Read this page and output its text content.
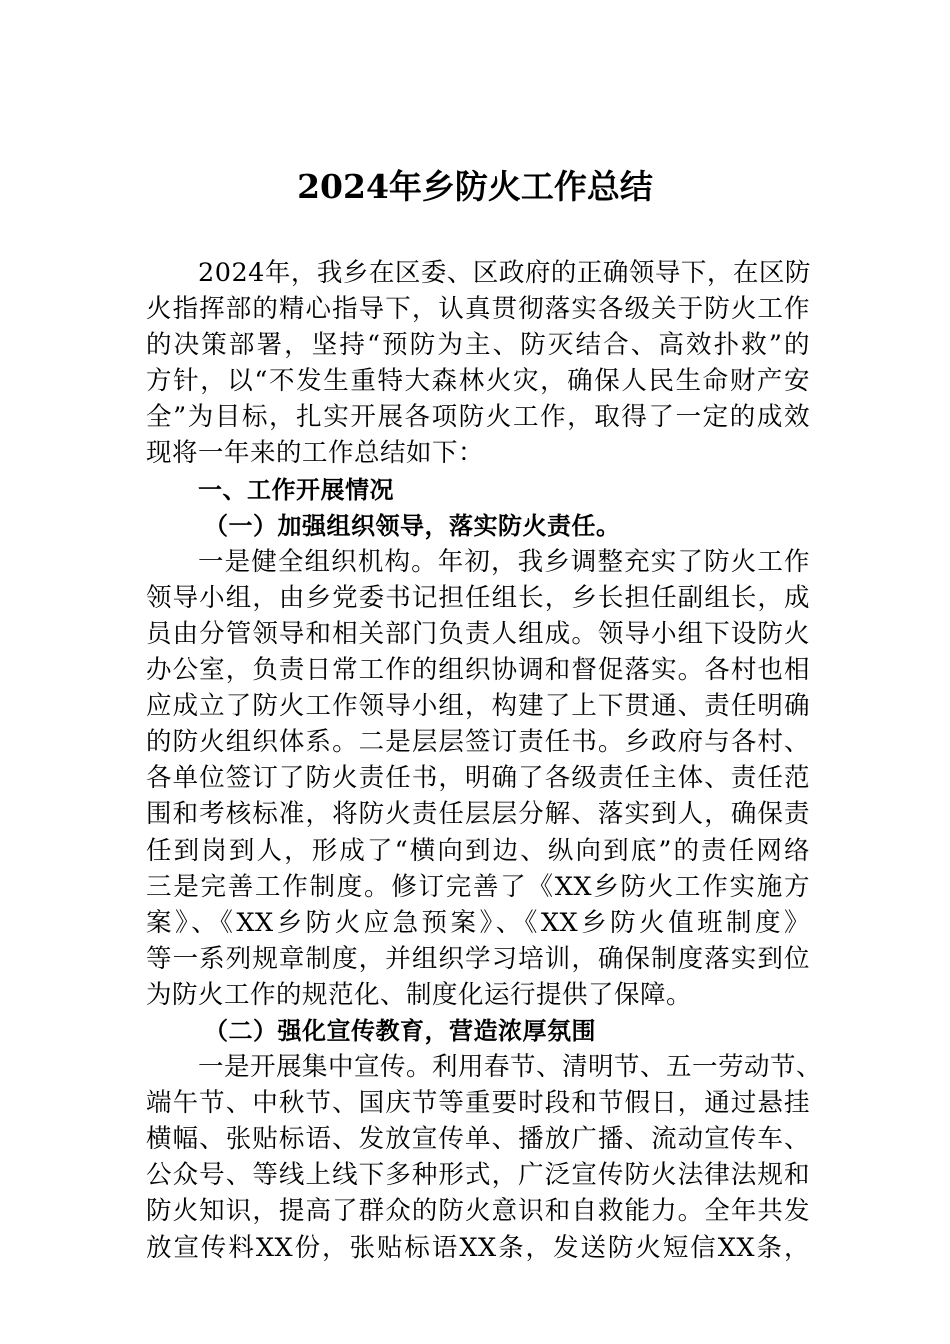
2024年乡防火工作总结
2024年，我乡在区委、区政府的正确领导下，在区防
火指挥部的精心指导下，认真贯彻落实各级关于防火工作
的决策部署，坚持“预防为主、防灭结合、高效扑救”的
方针，以“不发生重特大森林火灾，确保人民生命财产安
全”为目标，扎实开展各项防火工作，取得了一定的成效
现将一年来的工作总结如下：
一、工作开展情况
（一）加强组织领导，落实防火责任。
一是健全组织机构。年初，我乡调整充实了防火工作
领导小组，由乡党委书记担任组长，乡长担任副组长，成
员由分管领导和相关部门负责人组成。领导小组下设防火
办公室，负责日常工作的组织协调和督促落实。各村也相
应成立了防火工作领导小组，构建了上下贯通、责任明确
的防火组织体系。二是层层签订责任书。乡政府与各村、
各单位签订了防火责任书，明确了各级责任主体、责任范
围和考核标准，将防火责任层层分解、落实到人，确保责
任到岗到人，形成了“横向到边、纵向到底”的责任网络
三是完善工作制度。修订完善了《XX乡防火工作实施方
案》、《XX乡防火应急预案》、《XX乡防火值班制度》
等一系列规章制度，并组织学习培训，确保制度落实到位
为防火工作的规范化、制度化运行提供了保障。
（二）强化宣传教育，营造浓厚氛围
一是开展集中宣传。利用春节、清明节、五一劳动节、
端午节、中秋节、国庆节等重要时段和节假日，通过悬挂
横幅、张贴标语、发放宣传单、播放广播、流动宣传车、
公众号、等线上线下多种形式，广泛宣传防火法律法规和
防火知识，提高了群众的防火意识和自救能力。全年共发
放宣传料XX份，张贴标语XX条，发送防火短信XX条，
